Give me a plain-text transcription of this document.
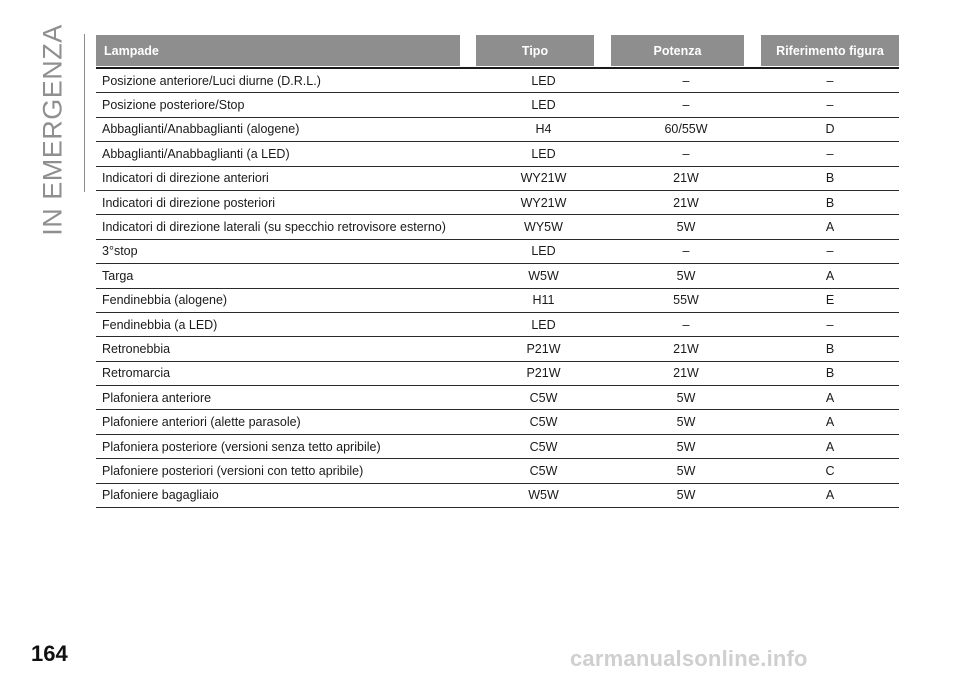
IN EMERGENZA	Lampade	Tipo	Potenza	Riferimento figura

Posizione anteriore/Luci diurne (D.R.L.)	LED	–	–
Posizione posteriore/Stop	LED	–	–
Abbaglianti/Anabbaglianti (alogene)	H4	60/55W	D
Abbaglianti/Anabbaglianti (a LED)	LED	–	–
Indicatori di direzione anteriori	WY21W	21W	B
Indicatori di direzione posteriori	WY21W	21W	B
Indicatori di direzione laterali (su specchio retrovisore esterno)	WY5W	5W	A
3°stop	LED	–	–
Targa	W5W	5W	A
Fendinebbia (alogene)	H11	55W	E
Fendinebbia (a LED)	LED	–	–
Retronebbia	P21W	21W	B
Retromarcia	P21W	21W	B
Plafoniera anteriore	C5W	5W	A
Plafoniere anteriori (alette parasole)	C5W	5W	A
Plafoniera posteriore (versioni senza tetto apribile)	C5W	5W	A
Plafoniere posteriori (versioni con tetto apribile)	C5W	5W	C
Plafoniere bagagliaio	W5W	5W	A
164	carmanualsonline.info
